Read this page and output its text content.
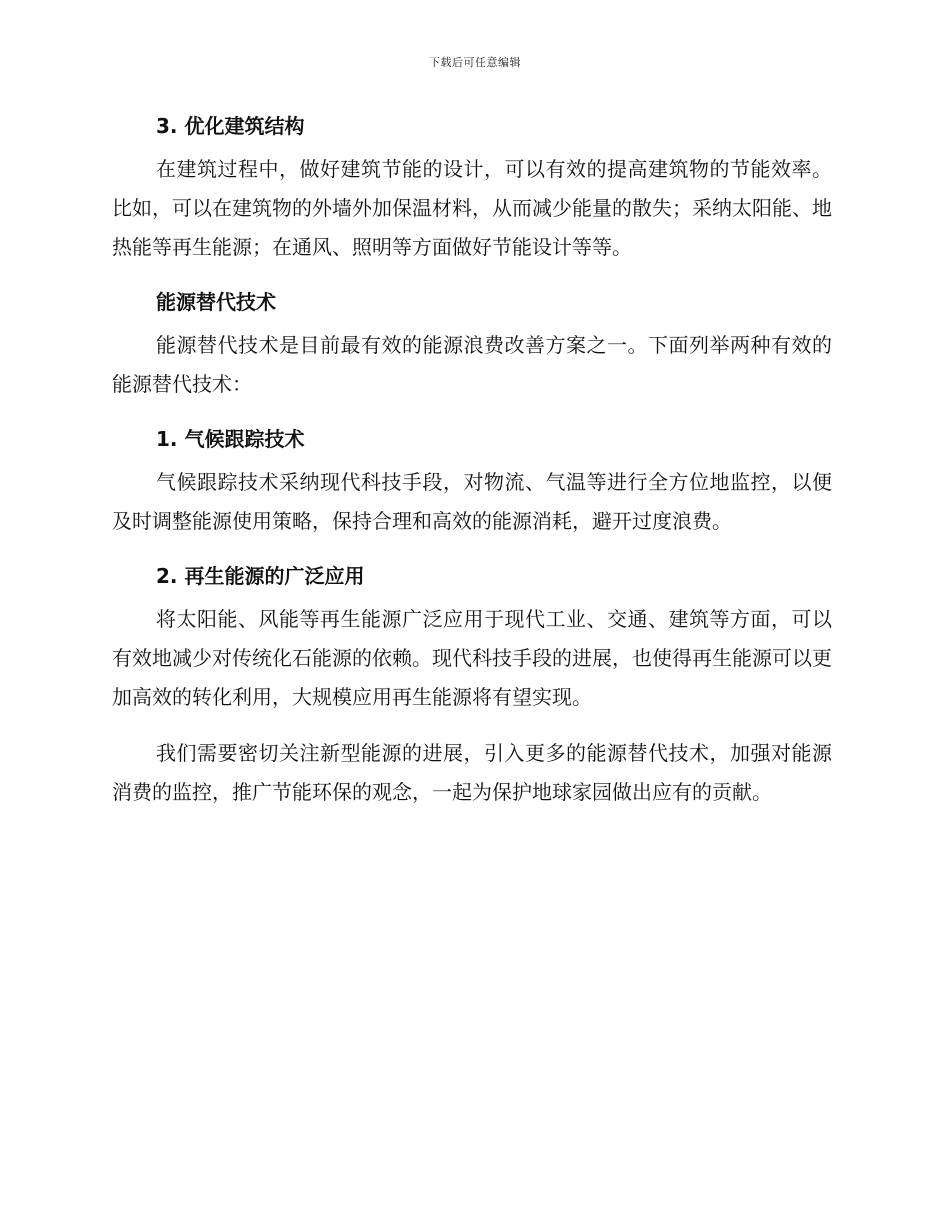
下载后可任意编辑
3. 优化建筑结构

在建筑过程中，做好建筑节能的设计，可以有效的提高建筑物的节能效率。比如，可以在建筑物的外墙外加保温材料，从而减少能量的散失；采纳太阳能、地热能等再生能源；在通风、照明等方面做好节能设计等等。

能源替代技术

能源替代技术是目前最有效的能源浪费改善方案之一。下面列举两种有效的能源替代技术：

1. 气候跟踪技术

气候跟踪技术采纳现代科技手段，对物流、气温等进行全方位地监控，以便及时调整能源使用策略，保持合理和高效的能源消耗，避开过度浪费。

2. 再生能源的广泛应用

将太阳能、风能等再生能源广泛应用于现代工业、交通、建筑等方面，可以有效地减少对传统化石能源的依赖。现代科技手段的进展，也使得再生能源可以更加高效的转化利用，大规模应用再生能源将有望实现。

我们需要密切关注新型能源的进展，引入更多的能源替代技术，加强对能源消费的监控，推广节能环保的观念，一起为保护地球家园做出应有的贡献。
